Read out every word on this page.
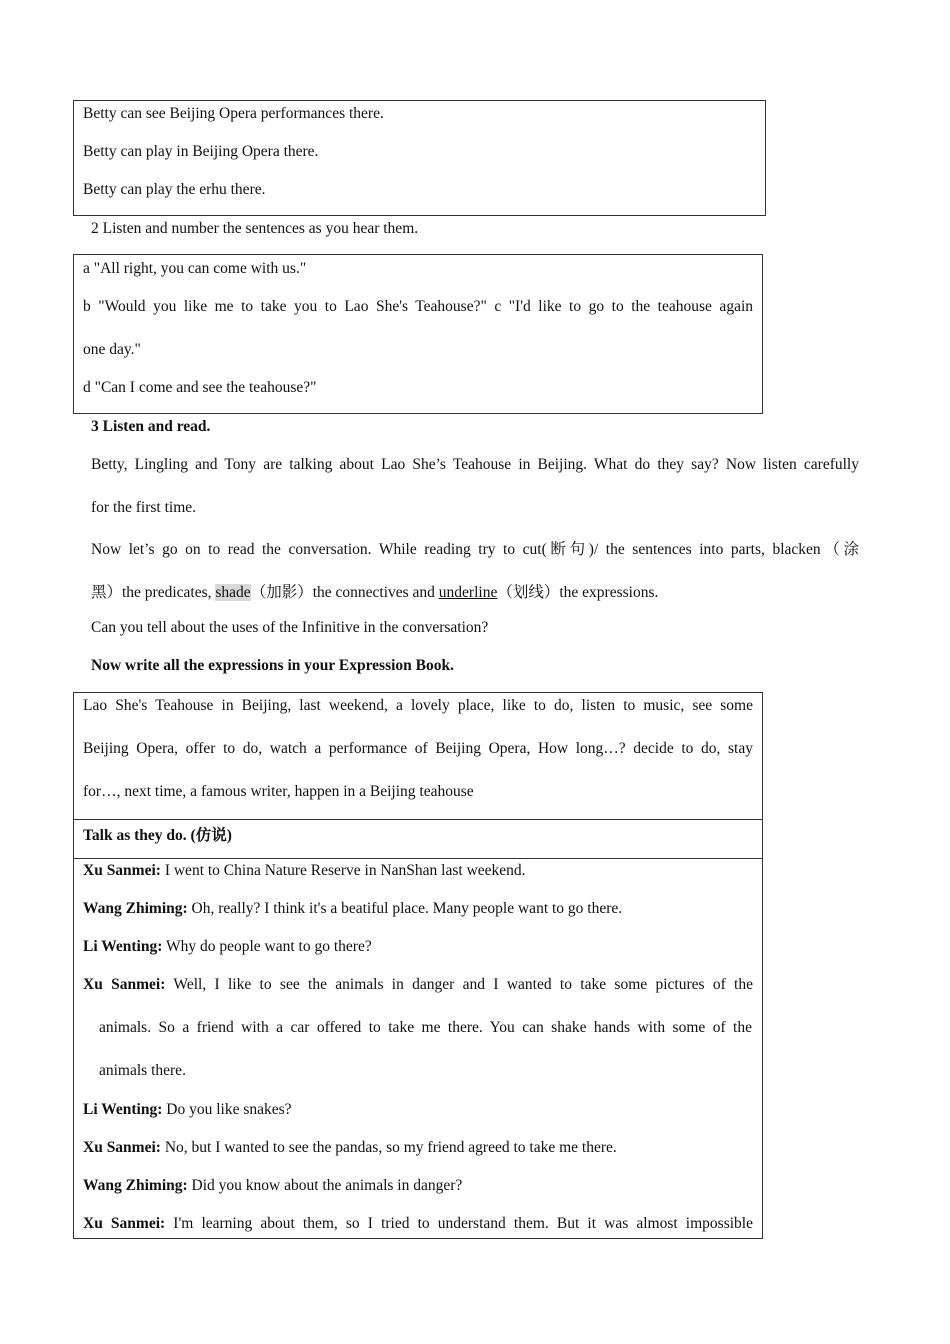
Betty can see Beijing Opera performances there.
Betty can play in Beijing Opera there.
Betty can play the erhu there.
2 Listen and number the sentences as you hear them.
a "All right, you can come with us."
b "Would you like me to take you to Lao She's Teahouse?" c "I'd like to go to the teahouse again
one day."
d "Can I come and see the teahouse?"
3 Listen and read.
Betty, Lingling and Tony are talking about Lao She’s Teahouse in Beijing. What do they say? Now listen carefully
for the first time.
Now let’s go on to read the conversation. While reading try to cut(断句)/ the sentences into parts, blacken（涂
黑）the predicates, shade（加影）the connectives and underline（划线）the expressions.
Can you tell about the uses of the Infinitive in the conversation?
Now write all the expressions in your Expression Book.
Lao She's Teahouse in Beijing, last weekend, a lovely place, like to do, listen to music, see some
Beijing Opera, offer to do, watch a performance of Beijing Opera, How long…? decide to do, stay
for…, next time, a famous writer, happen in a Beijing teahouse
Talk as they do. (仿说)
Xu Sanmei: I went to China Nature Reserve in NanShan last weekend.
Wang Zhiming: Oh, really? I think it's a beatiful place. Many people want to go there.
Li Wenting: Why do people want to go there?
Xu Sanmei: Well, I like to see the animals in danger and I wanted to take some pictures of the
animals. So a friend with a car offered to take me there. You can shake hands with some of the
animals there.
Li Wenting: Do you like snakes?
Xu Sanmei: No, but I wanted to see the pandas, so my friend agreed to take me there.
Wang Zhiming: Did you know about the animals in danger?
Xu Sanmei: I'm learning about them, so I tried to understand them. But it was almost impossible
